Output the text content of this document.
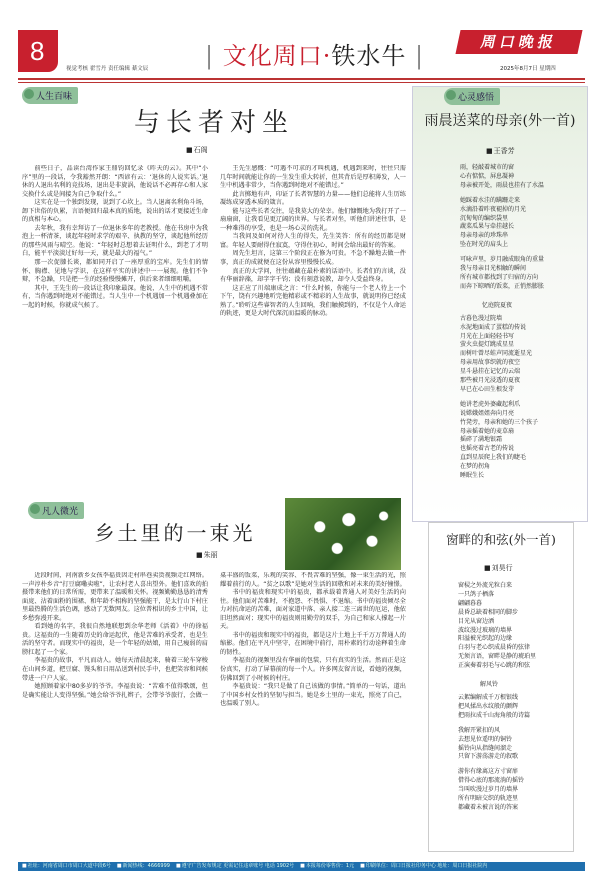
8
视觉考核 翟雪丹 责任编辑 綦文辰 | 文化周口·铁水牛 |	周口晚报
2025年8月7日 星期四
人生百味
与长者对坐
■ 石阁

前些日子，品读台湾作家王鼎钧回忆录《昨天的云》。其中“小序”里的一段话，令我豁然开朗：“西谚有云：‘退休的人说实话。’退休的人退出名利的竞技场，退出是非旋涡，他说话不必再存心和人家交换什么或是间接为自己争取什么。”

这实在是一个独到发现，说到了心坎上。当人退离名利角斗场，卸下世俗的负累，言语便回归最本真的质地，说出的话才更接近生命的真相与本心。

去年秋，我有幸拜访了一位退休多年的老教授。他在书房中为我泡上一杯清茶，谈起年轻时求学的艰辛、执教的坚守，谈起他所经历的那些风雨与晴空。他说：“年轻时总想着去证明什么，到老了才明白，能平平淡淡过好每一天，就是最大的福气。”

那一次促膝长谈，都如同开启了一座厚重的宝库。先生们的情怀、胸襟、见地与学识，在这样平实的讲述中一一展现。他们不争辩，不急躁，只是把一生的经验慢慢摊开，供后来者细细咀嚼。

其中，王先生的一段话让我印象最深。他说，人生中的机遇不常有，当你遇到时绝对不能错过。当人生中一个机遇加一个机遇叠加在一起的时候，你就成气候了。

王先生感慨：“可遇不可求的才叫机遇，机遇到来时，往往只需几年时间就能让你的一生发生重大转折，但其背后是厚积薄发，人一生中机遇非常少，当你遇到时绝对不能错过。”

此言掷地有声，印证了长者智慧的力量——他们总能将人生历练凝练成穿透本质的箴言。

能与这些长者交往，是我莫大的荣幸。他们慷慨地为我打开了一扇扇窗，让我看见更辽阔的世界。与长者对坐，听他们讲述往事，是一种难得的享受，也是一场心灵的洗礼。

当我问及如何对待人生的得失，先生笑答：所有的经历都是财富。年轻人要耐得住寂寞，守得住初心，时间会给出最好的答案。

周先生坦言，这第三个阶段正在修为可贵。不急不躁地去做一件事，真正的成就便在这份从容里慢慢长成。

真正的大学问，往往蕴藏在最朴素的话语中。长者们的言谈，没有华丽辞藻，却字字千钧；没有刻意说教，却令人受益终身。

这正应了川端康成之言：“什么时候，你能与一个老人待上一个下午，饶有兴趣地听完他精彩或不精彩的人生故事，就说明你已经成熟了。”聆听这些睿智者的人生回响，我们触摸到的，不仅是个人命运的轨迹，更是大时代深沉而温暖的脉动。

凡人微光
乡土里的一束光
■ 朱丽

近段时间，河南新乡女孩李福贵因走村串巷卖货视频走红网络。一声淳朴乡音“打豆腐嘞卖啦”，让农村老人喜出望外。他们喜欢的拍摄带来他们的日常所需，更带来了温暖和关怀。视频勤勤恳恳的清秀面庞、沾着面粉的围裙、和年龄不相称的坚强能干，是太行山下村庄里最热腾的生活色调，感动了无数网友。这位普相识的乡土中国，让乡愁弥漫开来。

看到她的名字，我很自然地联想到余华老师《活着》中的徐福贵。这福贵的一生随着历史的命运起伏，他是苦难的承受者，也是生活的坚守者。而现实中的福贵，是一个年轻的姑娘，用自己瘦弱的肩膀扛起了一个家。

李福贵的故事，平凡而动人。她每天清晨起来，骑着三轮车穿梭在山间乡道，把豆腐、馒头和日用品送到村民手中，也把笑容和问候带进一户户人家。

她照顾着家中80多岁的爷爷。李福贵说：“苦难不值得歌颂，但是确实能让人变得坚强。”她会给爷爷扎辫子，会带爷爷旅行，会做一桌丰盛的饭菜，乐观的笑容、不畏苦难的坚强，像一束生活的光，照耀着前行的人。“贫之以歌”是她对生活的回敬和对未来的美好憧憬。

书中的福贵和现实中的福贵，都承载着普通人对美好生活的向往。他们面对苦难时，不抱怨、不畏惧、不退缩。书中的福贵倾尽全力对抗命运的苦难，面对家道中落、亲人接二连三离世的厄运，他依旧坦然面对；现实中的福贵则用勤劳的双手，为自己和家人撑起一片天。

书中的福贵和现实中的福贵，都是这片土地上千千万万普通人的缩影。他们在平凡中坚守，在困境中前行，用朴素的行动诠释着生命的韧性。

李福贵的视频里没有华丽的包装，只有真实的生活。然而正是这份真实，打动了屏幕前的每一个人。许多网友留言说，看她的视频，仿佛回到了小时候的村庄。

李福贵说：“我只是做了自己该做的事情。”简单的一句话，道出了中国乡村女性的坚韧与担当。她是乡土里的一束光，照亮了自己，也温暖了别人。

心灵感悟
雨晨送菜的母亲(外一首)
■ 王香芳
雨，轻敲着城市的窗
心有惦惦，屏息凝神
母亲被开处，雨晨也挂有了水温
她踩着水洼的蹒跚走来
水滴沿着昨夜褪掉的月光
沉甸甸的编织袋里
蔬菜瓜果与牵挂越长
母亲母亲的珍珠串
坠在时光的肩头上
可咏声里，岁月融成眼角的重量
我与母亲目光相触的瞬间
所有城市都找到了归宿的方向
而奔下晾晒的饭菜，正悄然膨胀
忆庭院夏夜
古暮色漫过院墙
水泥地面成了蛋糕的传说
月光在上面轻轻书写
萤火虫提灯跳成星星
而树叶曾尽蛙声同流逝星光
母亲用故事织就的夜空
星斗悬挂在记忆的云端
那些被月光浸透的夏夜
早已在心田生根发芽
她讲老虎外婆藏起利爪
说嫦娥姐姐奔向月亮
竹凳旁，母亲和她的三个孩子
母亲摇着她的麦草扇
摇碎了满地银霜
也摇亮着古老的传说
直到星辰爬上我们的睫毛
在梦的拐角
睡眠生长
窗畔的和弦(外一首)
■ 刘昊行
窗棂之外流光粒白来
一只鸽子栖落
翩翩暮暮
晨昏总缺着相同的脚步
目光从窗边洒
波纹漫过玻璃的墙界
阳溢被光织起的边缘
白羽与老心织成晨昏的弦律
无须言语，窗畔是静的琥珀里
正演奏着羽毛与心跳的和弦
解风铃
云絮编解成千万根银线
把风揉出水纹般的颤辉
把雨拉成千山海角般的诗篇
我解开紧扣的风
去想见位遥明的铜铃
摇铃向从指缝间溜走
只留下游荡游走的叙歌
游你有缘离这方寸窗扉
借得心底的那流淌的摇铃
当叫吹漫过岁月的墙界
所有明暗交织的轨迹里
都藏着未被言说的答案
■ 社址：河南省周口市周口大道中段6号 ■ 新闻热线：4666999 ■ 遵守广告发布规定 更需记住违章账号 电话 1902号 ■ 本报每份零售价：1元 ■ 印刷单位：周口日报社印务中心 地址：周口日报社院内
